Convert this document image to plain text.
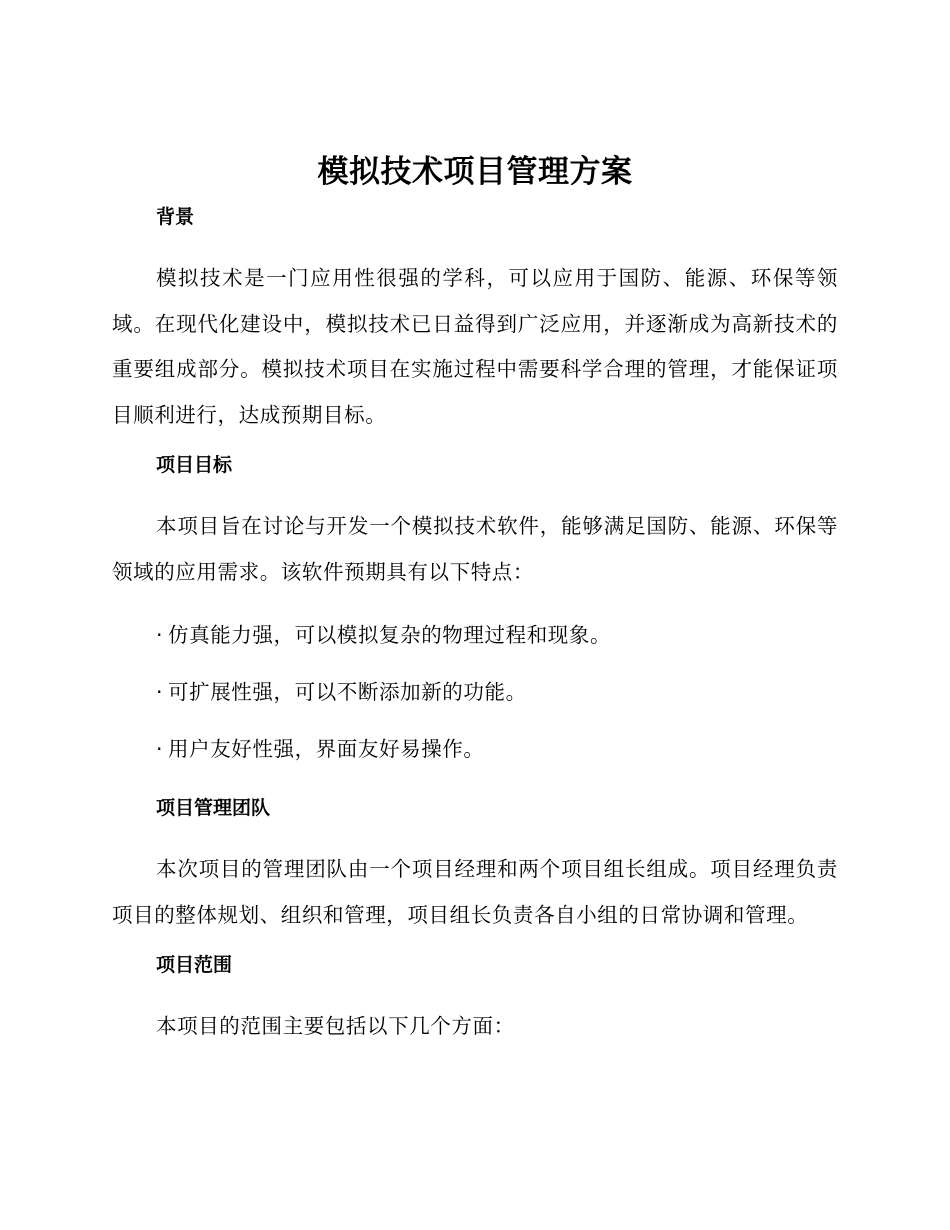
模拟技术项目管理方案
背景

模拟技术是一门应用性很强的学科，可以应用于国防、能源、环保等领域。在现代化建设中，模拟技术已日益得到广泛应用，并逐渐成为高新技术的重要组成部分。模拟技术项目在实施过程中需要科学合理的管理，才能保证项目顺利进行，达成预期目标。

项目目标

本项目旨在讨论与开发一个模拟技术软件，能够满足国防、能源、环保等领域的应用需求。该软件预期具有以下特点：

· 仿真能力强，可以模拟复杂的物理过程和现象。
· 可扩展性强，可以不断添加新的功能。
· 用户友好性强，界面友好易操作。
项目管理团队

本次项目的管理团队由一个项目经理和两个项目组长组成。项目经理负责项目的整体规划、组织和管理，项目组长负责各自小组的日常协调和管理。

项目范围

本项目的范围主要包括以下几个方面：
